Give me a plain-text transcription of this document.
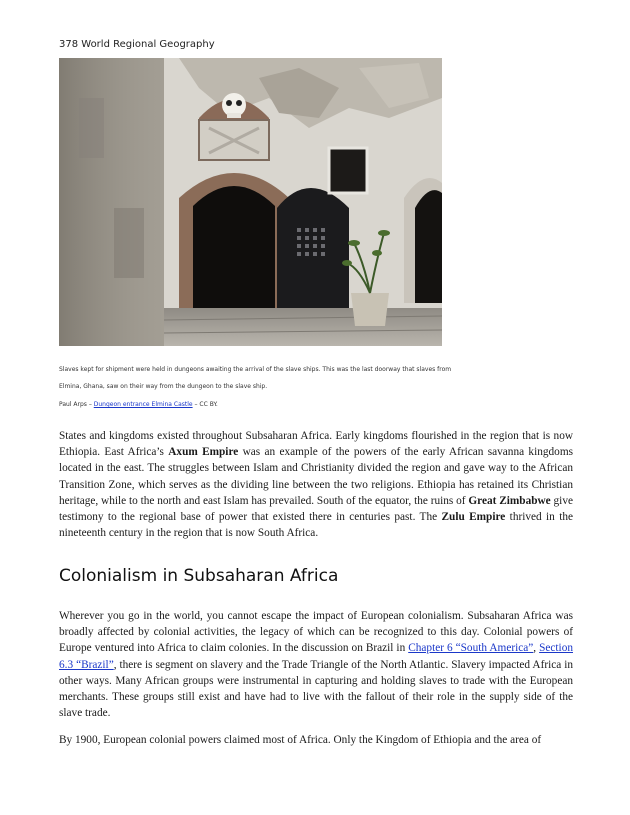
378 World Regional Geography
Slaves kept for shipment were held in dungeons awaiting the arrival of the slave ships. This was the last doorway that slaves from
Elmina, Ghana, saw on their way from the dungeon to the slave ship.
Paul Arps – Dungeon entrance Elmina Castle – CC BY.
States and kingdoms existed throughout Subsaharan Africa. Early kingdoms flourished in the region that is now Ethiopia. East Africa’s Axum Empire was an example of the powers of the early African savanna kingdoms located in the east. The struggles between Islam and Christianity divided the region and gave way to the African Transition Zone, which serves as the dividing line between the two religions. Ethiopia has retained its Christian heritage, while to the north and east Islam has prevailed. South of the equator, the ruins of Great Zimbabwe give testimony to the regional base of power that existed there in centuries past. The Zulu Empire thrived in the nineteenth century in the region that is now South Africa.
Colonialism in Subsaharan Africa
Wherever you go in the world, you cannot escape the impact of European colonialism. Subsaharan Africa was broadly affected by colonial activities, the legacy of which can be recognized to this day. Colonial powers of Europe ventured into Africa to claim colonies. In the discussion on Brazil in Chapter 6 “South America”, Section 6.3 “Brazil”, there is segment on slavery and the Trade Triangle of the North Atlantic. Slavery impacted Africa in other ways. Many African groups were instrumental in capturing and holding slaves to trade with the European merchants. These groups still exist and have had to live with the fallout of their role in the supply side of the slave trade.
By 1900, European colonial powers claimed most of Africa. Only the Kingdom of Ethiopia and the area of
